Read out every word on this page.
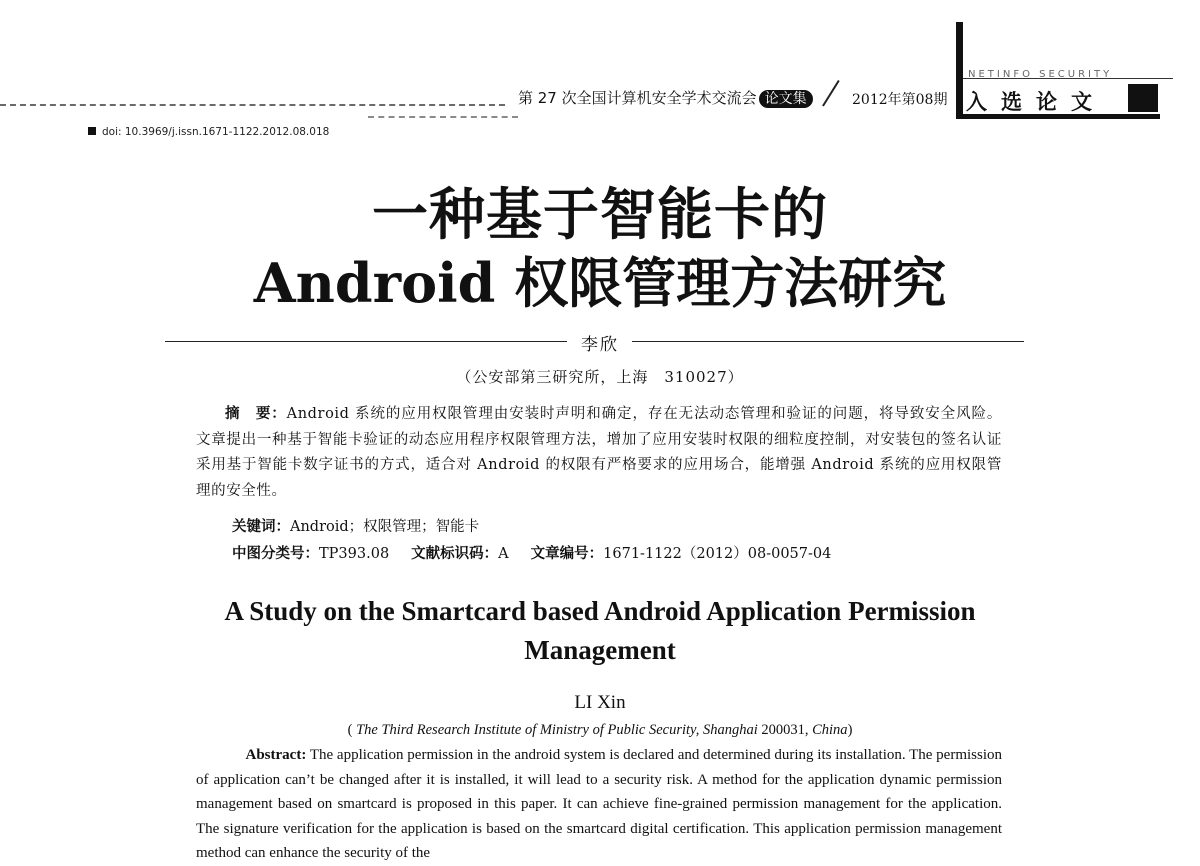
第 27 次全国计算机安全学术交流会 论文集	2012年第08期
NETINFO SECURITY
入选论文
doi: 10.3969/j.issn.1671-1122.2012.08.018
一种基于智能卡的
Android 权限管理方法研究
李欣
（公安部第三研究所，上海　310027）
摘　要：Android 系统的应用权限管理由安装时声明和确定，存在无法动态管理和验证的问题，将导致安全风险。文章提出一种基于智能卡验证的动态应用程序权限管理方法，增加了应用安装时权限的细粒度控制，对安装包的签名认证采用基于智能卡数字证书的方式，适合对 Android 的权限有严格要求的应用场合，能增强 Android 系统的应用权限管理的安全性。
关键词：Android；权限管理；智能卡
中图分类号：TP393.08 文献标识码：A 文章编号：1671-1122（2012）08-0057-04
A Study on the Smartcard based Android Application Permission
Management
LI Xin
( The Third Research Institute of Ministry of Public Security, Shanghai 200031, China)
Abstract: The application permission in the android system is declared and determined during its installation. The permission of application can’t be changed after it is installed, it will lead to a security risk. A method for the application dynamic permission management based on smartcard is proposed in this paper. It can achieve fine-grained permission management for the application. The signature verification for the application is based on the smartcard digital certification. This application permission management method can enhance the security of the
